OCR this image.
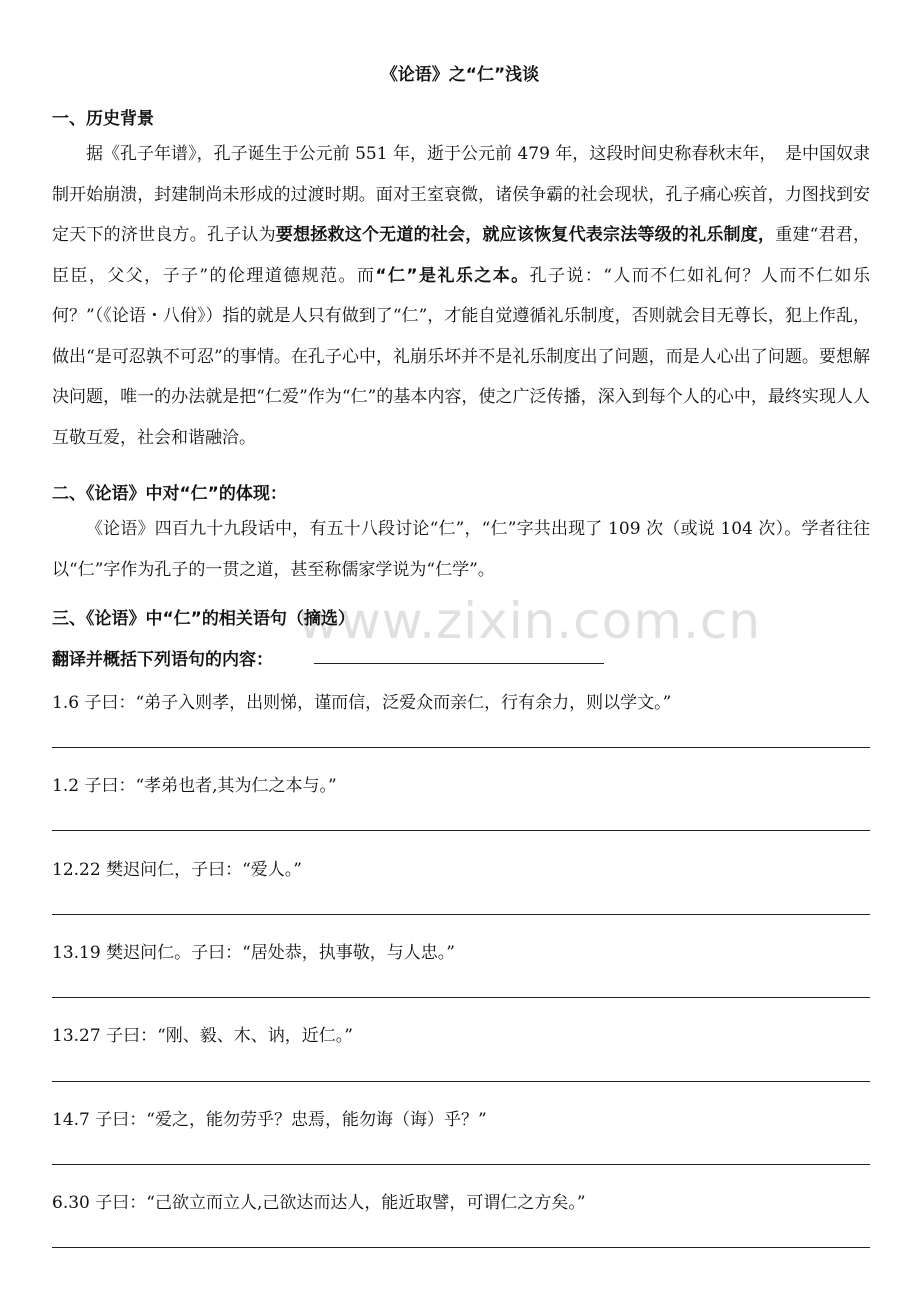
《论语》之“仁”浅谈
一、历史背景

据《孔子年谱》，孔子诞生于公元前 551 年，逝于公元前 479 年，这段时间史称春秋末年，　是中国奴隶制开始崩溃，封建制尚未形成的过渡时期。面对王室衰微，诸侯争霸的社会现状，孔子痛心疾首，力图找到安定天下的济世良方。孔子认为要想拯救这个无道的社会，就应该恢复代表宗法等级的礼乐制度，重建“君君，臣臣，父父，子子”的伦理道德规范。而“仁”是礼乐之本。孔子说：“人而不仁如礼何？人而不仁如乐何？”（《论语・八佾》）指的就是人只有做到了“仁”，才能自觉遵循礼乐制度，否则就会目无尊长，犯上作乱，做出“是可忍孰不可忍”的事情。在孔子心中，礼崩乐坏并不是礼乐制度出了问题，而是人心出了问题。要想解决问题，唯一的办法就是把“仁爱”作为“仁”的基本内容，使之广泛传播，深入到每个人的心中，最终实现人人互敬互爱，社会和谐融洽。

二、《论语》中对“仁”的体现：

《论语》四百九十九段话中，有五十八段讨论“仁”，“仁”字共出现了 109 次（或说 104 次）。学者往往以“仁”字作为孔子的一贯之道，甚至称儒家学说为“仁学”。

三、《论语》中“仁”的相关语句（摘选）
翻译并概括下列语句的内容：
1.6 子曰：“弟子入则孝，出则悌，谨而信，泛爱众而亲仁，行有余力，则以学文。”
1.2 子曰：“孝弟也者,其为仁之本与。”
12.22 樊迟问仁，子曰：“爱人。”
13.19 樊迟问仁。子曰：“居处恭，执事敬，与人忠。”
13.27 子曰：“刚、毅、木、讷，近仁。”
14.7 子曰：“爱之，能勿劳乎？忠焉，能勿诲（诲）乎？”
6.30 子曰：“己欲立而立人,己欲达而达人，能近取譬，可谓仁之方矣。”
www.zixin.com.cn
